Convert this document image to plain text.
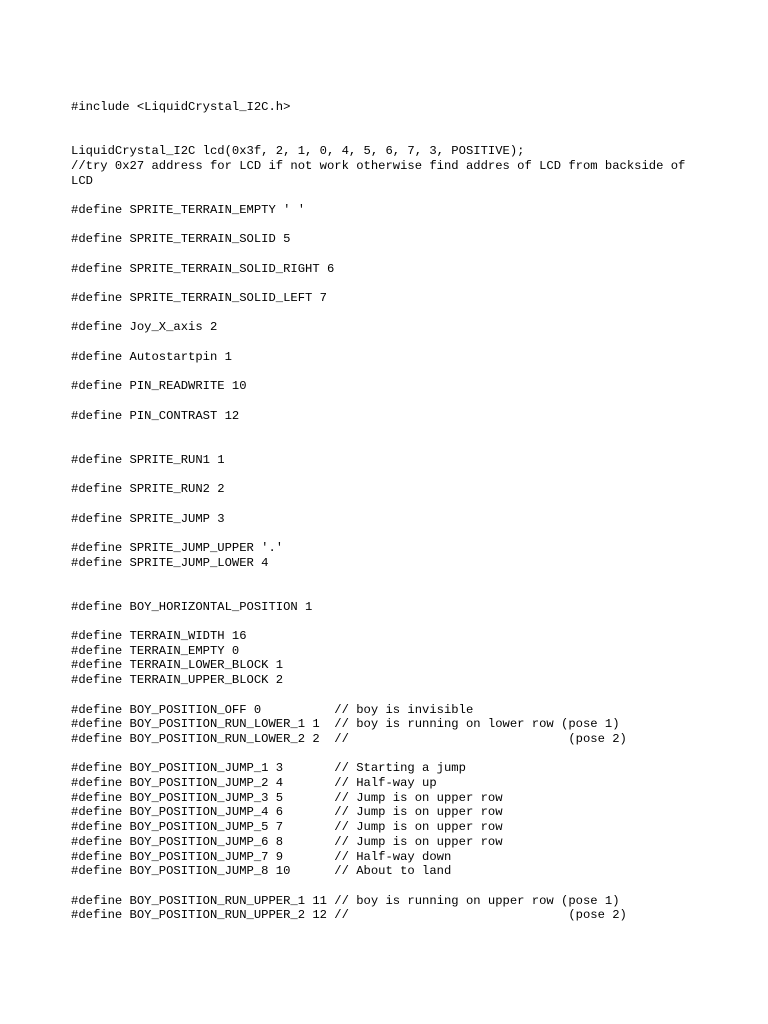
#include <LiquidCrystal_I2C.h>
LiquidCrystal_I2C lcd(0x3f, 2, 1, 0, 4, 5, 6, 7, 3, POSITIVE);
//try 0x27 address for LCD if not work otherwise find addres of LCD from backside of LCD
#define SPRITE_TERRAIN_EMPTY ' '
#define SPRITE_TERRAIN_SOLID 5
#define SPRITE_TERRAIN_SOLID_RIGHT 6
#define SPRITE_TERRAIN_SOLID_LEFT 7
#define Joy_X_axis 2
#define Autostartpin 1
#define PIN_READWRITE 10
#define PIN_CONTRAST 12
#define SPRITE_RUN1 1
#define SPRITE_RUN2 2
#define SPRITE_JUMP 3
#define SPRITE_JUMP_UPPER '.'
#define SPRITE_JUMP_LOWER 4
#define BOY_HORIZONTAL_POSITION 1
#define TERRAIN_WIDTH 16
#define TERRAIN_EMPTY 0
#define TERRAIN_LOWER_BLOCK 1
#define TERRAIN_UPPER_BLOCK 2
#define BOY_POSITION_OFF 0          // boy is invisible
#define BOY_POSITION_RUN_LOWER_1 1  // boy is running on lower row (pose 1)
#define BOY_POSITION_RUN_LOWER_2 2  //                              (pose 2)
#define BOY_POSITION_JUMP_1 3       // Starting a jump
#define BOY_POSITION_JUMP_2 4       // Half-way up
#define BOY_POSITION_JUMP_3 5       // Jump is on upper row
#define BOY_POSITION_JUMP_4 6       // Jump is on upper row
#define BOY_POSITION_JUMP_5 7       // Jump is on upper row
#define BOY_POSITION_JUMP_6 8       // Jump is on upper row
#define BOY_POSITION_JUMP_7 9       // Half-way down
#define BOY_POSITION_JUMP_8 10      // About to land
#define BOY_POSITION_RUN_UPPER_1 11 // boy is running on upper row (pose 1)
#define BOY_POSITION_RUN_UPPER_2 12 //                              (pose 2)
